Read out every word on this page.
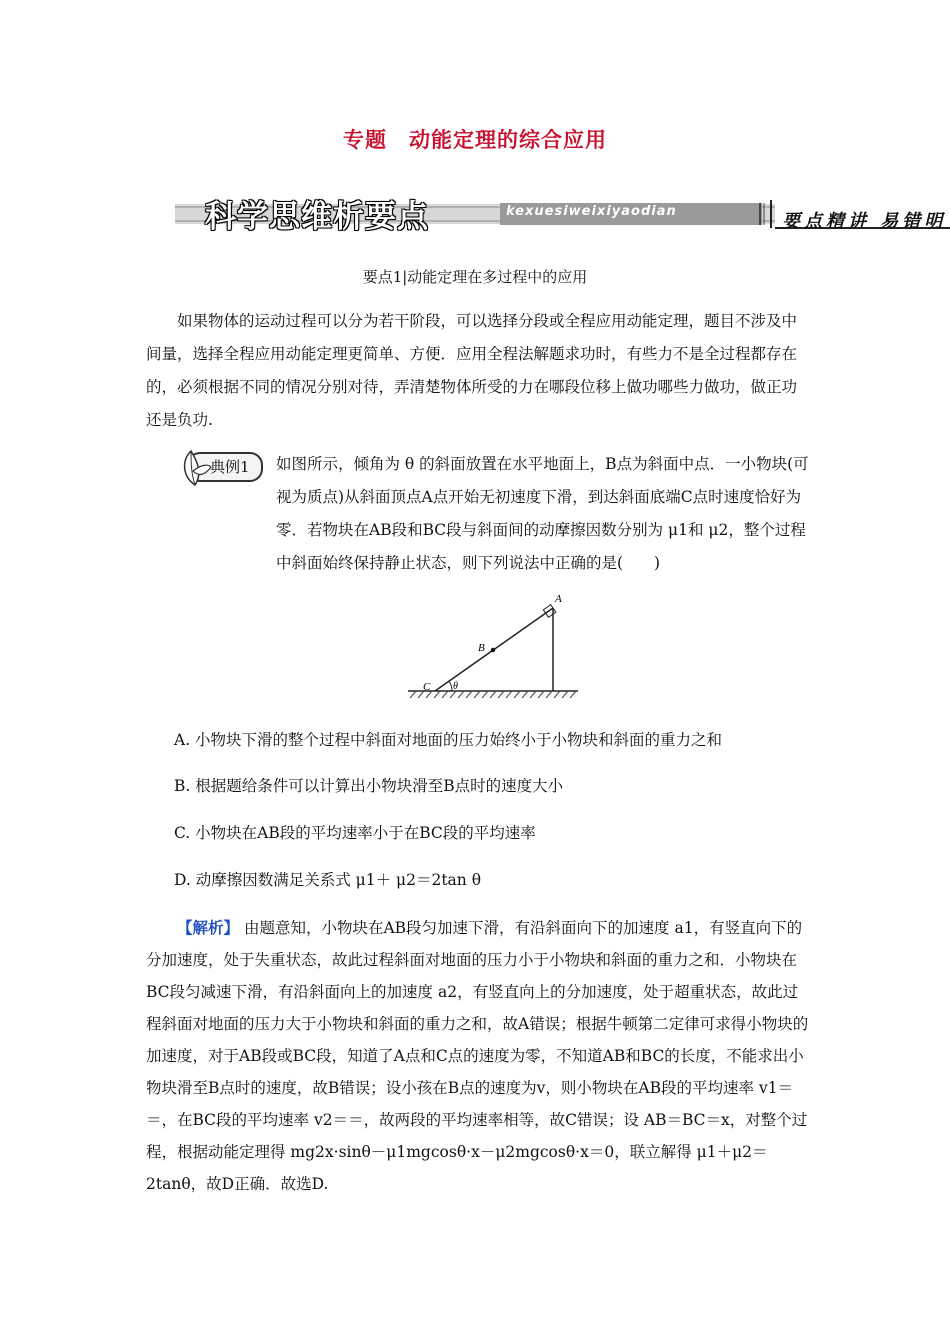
专题 动能定理的综合应用
科学思维析要点	kexuesiweixiyaodian	要点精讲 易错明
要点1|动能定理在多过程中的应用
如果物体的运动过程可以分为若干阶段，可以选择分段或全程应用动能定理，题目不涉及中间量，选择全程应用动能定理更简单、方便．应用全程法解题求功时，有些力不是全过程都存在的，必须根据不同的情况分别对待，弄清楚物体所受的力在哪段位移上做功哪些力做功，做正功还是负功.
典例1	如图所示，倾角为 θ 的斜面放置在水平地面上，B点为斜面中点．一小物块(可视为质点)从斜面顶点A点开始无初速度下滑，到达斜面底端C点时速度恰好为零．若物块在AB段和BC段与斜面间的动摩擦因数分别为 μ1和 μ2，整个过程中斜面始终保持静止状态，则下列说法中正确的是(　　)
A
B
C θ
A. 小物块下滑的整个过程中斜面对地面的压力始终小于小物块和斜面的重力之和
B. 根据题给条件可以计算出小物块滑至B点时的速度大小
C. 小物块在AB段的平均速率小于在BC段的平均速率
D. 动摩擦因数满足关系式 μ1＋ μ2＝2tan θ
【解析】 由题意知，小物块在AB段匀加速下滑，有沿斜面向下的加速度 a1，有竖直向下的分加速度，处于失重状态，故此过程斜面对地面的压力小于小物块和斜面的重力之和．小物块在BC段匀减速下滑，有沿斜面向上的加速度 a2，有竖直向上的分加速度，处于超重状态，故此过程斜面对地面的压力大于小物块和斜面的重力之和，故A错误；根据牛顿第二定律可求得小物块的加速度，对于AB段或BC段，知道了A点和C点的速度为零，不知道AB和BC的长度，不能求出小物块滑至B点时的速度，故B错误；设小孩在B点的速度为v，则小物块在AB段的平均速率 v1＝＝，在BC段的平均速率 v2＝＝，故两段的平均速率相等，故C错误；设 AB＝BC＝x，对整个过程，根据动能定理得 mg2x·sinθ－μ1mgcosθ·x－μ2mgcosθ·x＝0，联立解得 μ1＋μ2＝2tanθ，故D正确．故选D.
